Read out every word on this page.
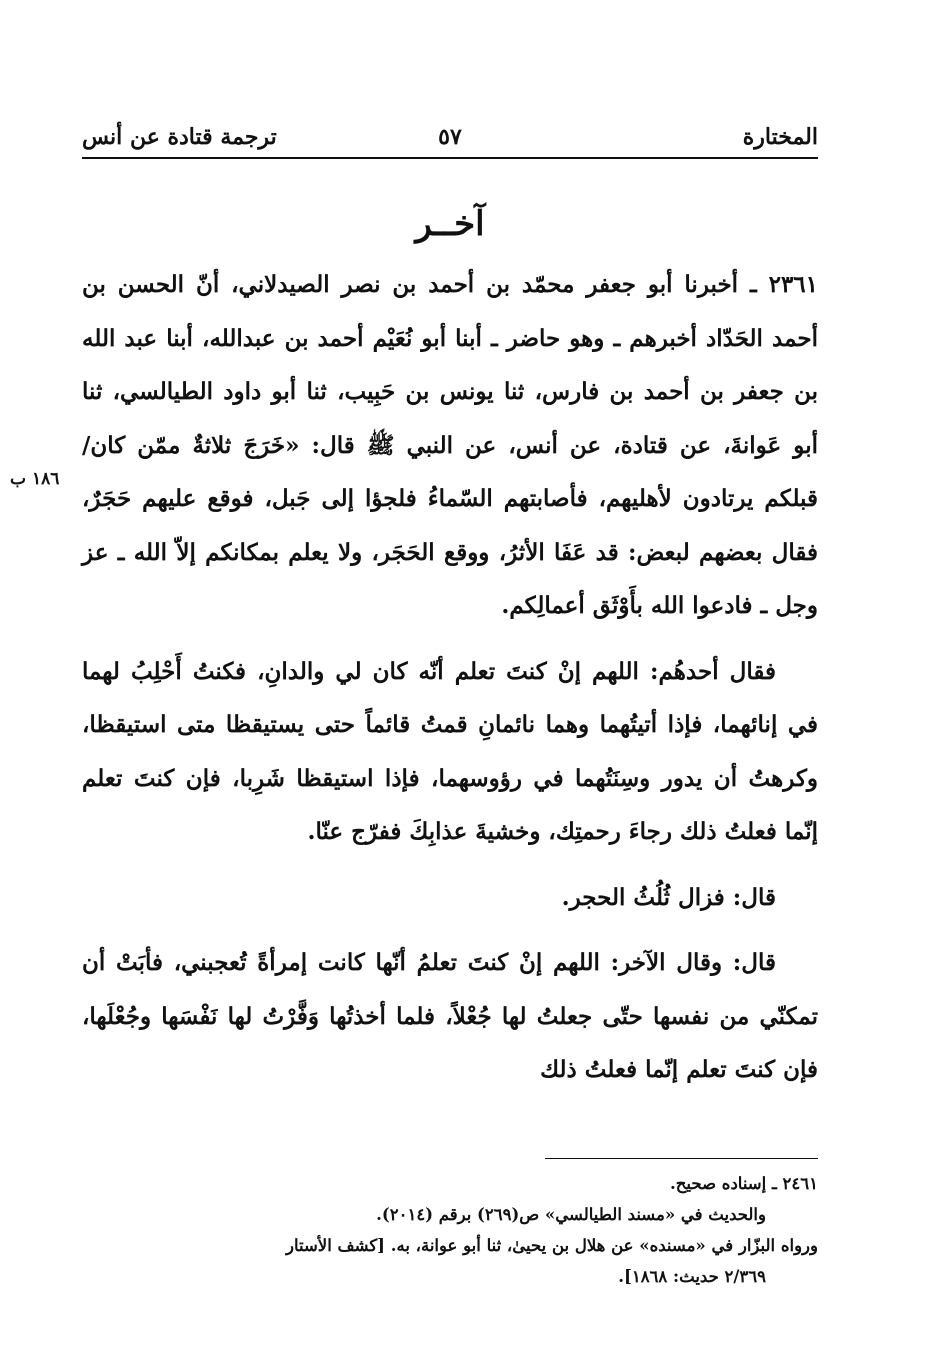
المختارة
٥٧
ترجمة قتادة عن أنس
آخــر
١٨٦ ب

٢٣٦١ ـ أخبرنا أبو جعفر محمّد بن أحمد بن نصر الصيدلاني، أنّ الحسن بن أحمد الحَدّاد أخبرهم ـ وهو حاضر ـ أبنا أبو نُعَيْم أحمد بن عبدالله، أبنا عبد الله بن جعفر بن أحمد بن فارس، ثنا يونس بن حَبِيب، ثنا أبو داود الطيالسي، ثنا أبو عَوانةَ، عن قتادة، عن أنس، عن النبي ﷺ قال: «خَرَجَ ثلاثةٌ ممّن كان/ قبلكم يرتادون لأهليهم، فأصابتهم السّماءُ فلجؤا إلى جَبل، فوقع عليهم حَجَرٌ، فقال بعضهم لبعض: قد عَفَا الأثرُ، ووقع الحَجَر، ولا يعلم بمكانكم إلاّ الله ـ عز وجل ـ فادعوا الله بأَوْثَق أعمالِكم.

فقال أحدهُم: اللهم إنْ كنتَ تعلم أنّه كان لي والدانِ، فكنتُ أَحْلِبُ لهما في إنائهما، فإذا أتيتُهما وهما نائمانِ قمتُ قائماً حتى يستيقظا متى استيقظا، وكرهتُ أن يدور وسِنَتُهما في رؤوسهما، فإذا استيقظا شَرِبا، فإن كنتَ تعلم إنّما فعلتُ ذلك رجاءَ رحمتِك، وخشيةَ عذابِكَ ففرّج عنّا.

قال: فزال ثُلُثُ الحجر.

قال: وقال الآخر: اللهم إنْ كنتَ تعلمُ أنّها كانت إمرأةً تُعجبني، فأبَتْ أن تمكنّي من نفسها حتّى جعلتُ لها جُعْلاً، فلما أخذتُها وَفَّرْتُ لها نَفْسَها وجُعْلَها، فإن كنتَ تعلم إنّما فعلتُ ذلك

٢٤٦١ ـ إسناده صحيح.

والحديث في «مسند الطيالسي» ص(٢٦٩) برقم (٢٠١٤).

ورواه البزّار في «مسنده» عن هلال بن يحيىٰ، ثنا أبو عوانة، به. [كشف الأستار

٢/٣٦٩ حديث: ١٨٦٨].
